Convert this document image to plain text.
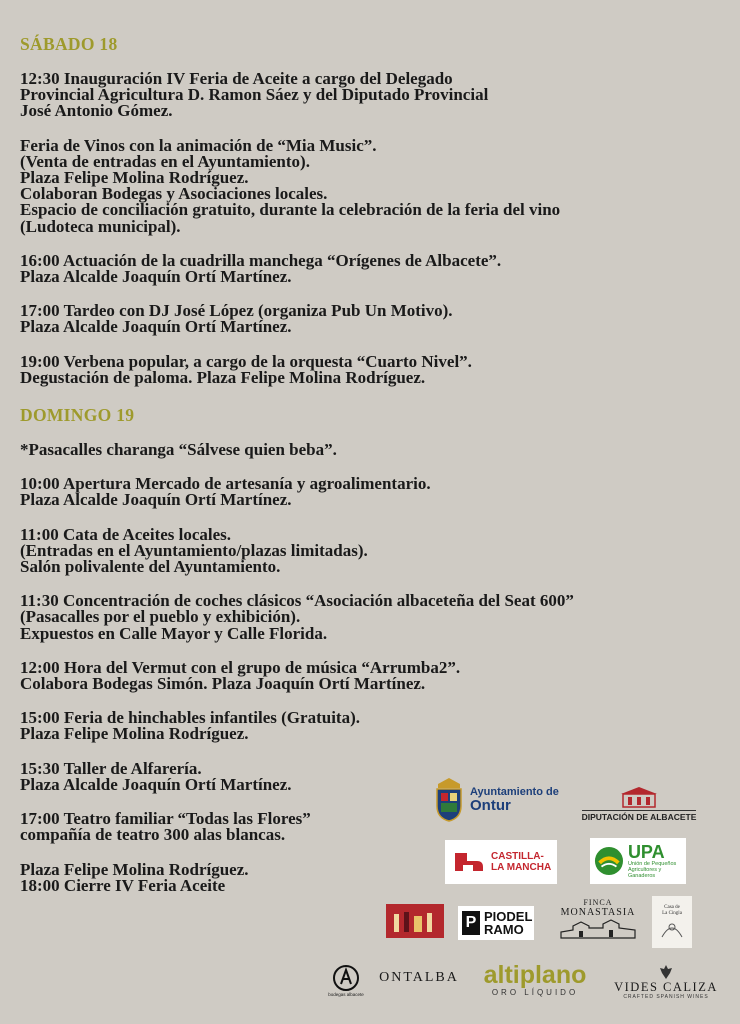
SÁBADO 18
12:30 Inauguración IV Feria de Aceite a cargo del Delegado
Provincial Agricultura D. Ramon Sáez y del Diputado Provincial
José Antonio Gómez.
Feria de Vinos con la animación de “Mia Music”.
(Venta de entradas en el Ayuntamiento).
Plaza Felipe Molina Rodríguez.
Colaboran Bodegas y Asociaciones locales.
Espacio de conciliación gratuito, durante la celebración de la feria del vino
(Ludoteca municipal).
16:00 Actuación de la cuadrilla manchega “Orígenes de Albacete”.
Plaza Alcalde Joaquín Ortí Martínez.
17:00 Tardeo con DJ José López (organiza Pub Un Motivo).
Plaza Alcalde Joaquín Ortí Martínez.
19:00 Verbena popular, a cargo de la orquesta “Cuarto Nivel”.
Degustación de paloma. Plaza Felipe Molina Rodríguez.
DOMINGO 19
*Pasacalles charanga “Sálvese quien beba”.
10:00 Apertura Mercado de artesanía y agroalimentario.
Plaza Alcalde Joaquín Ortí Martínez.
11:00 Cata de Aceites locales.
(Entradas en el Ayuntamiento/plazas limitadas).
Salón polivalente del Ayuntamiento.
11:30 Concentración de coches clásicos “Asociación albaceteña del Seat 600”
(Pasacalles por el pueblo y exhibición).
Expuestos en Calle Mayor y Calle Florida.
12:00 Hora del Vermut con el grupo de música “Arrumba2”.
Colabora Bodegas Simón. Plaza Joaquín Ortí Martínez.
15:00 Feria de hinchables infantiles (Gratuita).
Plaza Felipe Molina Rodríguez.
15:30 Taller de Alfarería.
Plaza Alcalde Joaquín Ortí Martínez.
17:00 Teatro familiar “Todas las Flores”
compañía de teatro 300 alas blancas.
Plaza Felipe Molina Rodríguez.
18:00 Cierre IV Feria Aceite
Ayuntamiento de
Ontur
DIPUTACIÓN DE ALBACETE
CASTILLA-
LA MANCHA
UPA
Unión de Pequeños
Agricultores y Ganaderos
P PIODEL
RAMO
FINCA
MONASTASIA	Casa de
La Cingla
bodegas albacete
ONTALBA altiplano
ORO LÍQUIDO	VIDES CALIZA
CRAFTED SPANISH WINES
